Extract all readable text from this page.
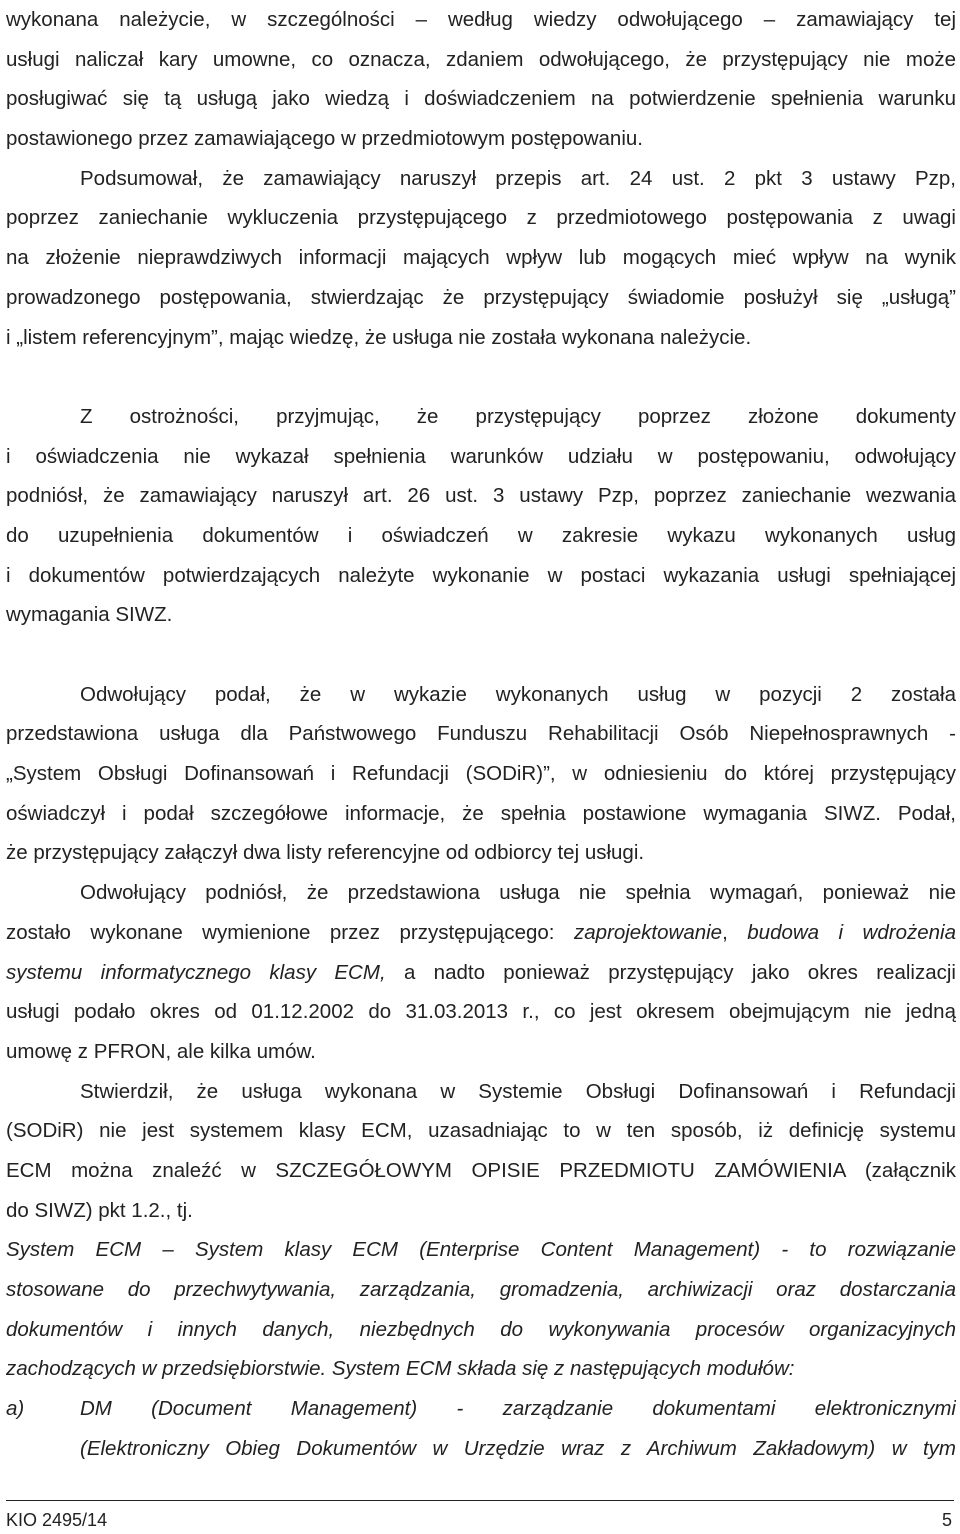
wykonana należycie, w szczególności – według wiedzy odwołującego – zamawiający tej
usługi naliczał kary umowne, co oznacza, zdaniem odwołującego, że przystępujący nie może
posługiwać się tą usługą jako wiedzą i doświadczeniem na potwierdzenie spełnienia warunku
postawionego przez zamawiającego w przedmiotowym postępowaniu.
Podsumował, że zamawiający naruszył przepis art. 24 ust. 2 pkt 3 ustawy Pzp,
poprzez zaniechanie wykluczenia przystępującego z przedmiotowego postępowania z uwagi
na złożenie nieprawdziwych informacji mających wpływ lub mogących mieć wpływ na wynik
prowadzonego postępowania, stwierdzając że przystępujący świadomie posłużył się „usługą”
i „listem referencyjnym”, mając wiedzę, że usługa nie została wykonana należycie.
Z ostrożności, przyjmując, że przystępujący poprzez złożone dokumenty
i oświadczenia nie wykazał spełnienia warunków udziału w postępowaniu, odwołujący
podniósł, że zamawiający naruszył art. 26 ust. 3 ustawy Pzp, poprzez zaniechanie wezwania
do uzupełnienia dokumentów i oświadczeń w zakresie wykazu wykonanych usług
i dokumentów potwierdzających należyte wykonanie w postaci wykazania usługi spełniającej
wymagania SIWZ.
Odwołujący podał, że w wykazie wykonanych usług w pozycji 2 została
przedstawiona usługa dla Państwowego Funduszu Rehabilitacji Osób Niepełnosprawnych -
„System Obsługi Dofinansowań i Refundacji (SODiR)”, w odniesieniu do której przystępujący
oświadczył i podał szczegółowe informacje, że spełnia postawione wymagania SIWZ. Podał,
że przystępujący załączył dwa listy referencyjne od odbiorcy tej usługi.
Odwołujący podniósł, że przedstawiona usługa nie spełnia wymagań, ponieważ nie
zostało wykonane wymienione przez przystępującego: zaprojektowanie, budowa i wdrożenia
systemu informatycznego klasy ECM, a nadto ponieważ przystępujący jako okres realizacji
usługi podało okres od 01.12.2002 do 31.03.2013 r., co jest okresem obejmującym nie jedną
umowę z PFRON, ale kilka umów.
Stwierdził, że usługa wykonana w Systemie Obsługi Dofinansowań i Refundacji
(SODiR) nie jest systemem klasy ECM, uzasadniając to w ten sposób, iż definicję systemu
ECM można znaleźć w SZCZEGÓŁOWYM OPISIE PRZEDMIOTU ZAMÓWIENIA (załącznik
do SIWZ) pkt 1.2., tj.
System ECM – System klasy ECM (Enterprise Content Management) - to rozwiązanie
stosowane do przechwytywania, zarządzania, gromadzenia, archiwizacji oraz dostarczania
dokumentów i innych danych, niezbędnych do wykonywania procesów organizacyjnych
zachodzących w przedsiębiorstwie. System ECM składa się z następujących modułów:
a)	DM (Document Management) - zarządzanie dokumentami elektronicznymi
(Elektroniczny Obieg Dokumentów w Urzędzie wraz z Archiwum Zakładowym) w tym
KIO 2495/14	5
